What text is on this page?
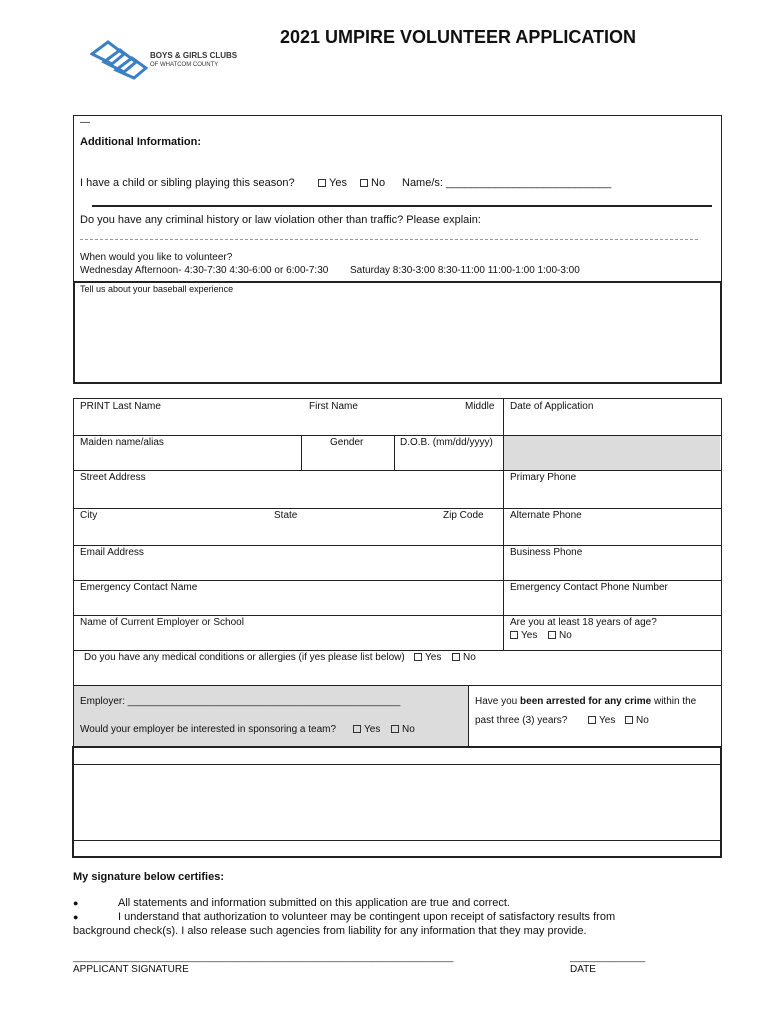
BOYS & GIRLS CLUBS
OF WHATCOM COUNTY
2021 UMPIRE VOLUNTEER APPLICATION
—
Additional Information:
I have a child or sibling playing this season?	Yes	No Name/s: ___________________________
Do you have any criminal history or law violation other than traffic? Please explain:
When would you like to volunteer?
Wednesday Afternoon- 4:30-7:30 4:30-6:00 or 6:00-7:30 Saturday 8:30-3:00 8:30-11:00 11:00-1:00 1:00-3:00
Tell us about your baseball experience
PRINT Last Name	First Name	Middle Date of Application
Maiden name/alias	Gender	D.O.B. (mm/dd/yyyy)
Street Address	Primary Phone
City	State	Zip Code	Alternate Phone
Email Address	Business Phone
Emergency Contact Name	Emergency Contact Phone Number
Name of Current Employer or School	Are you at least 18 years of age?
Yes	No
Do you have any medical conditions or allergies (if yes please list below)	Yes	No
Employer: _________________________________________________
Would your employer be interested in sponsoring a team?	Yes	No
Have you been arrested for any crime within the
past three (3) years?	Yes	No
My signature below certifies:
●	All statements and information submitted on this application are true and correct.
●	I understand that authorization to volunteer may be contingent upon receipt of satisfactory results from
background check(s). I also release such agencies from liability for any information that they may provide.
____________________________________________________________________________
APPLICANT SIGNATURE
_______________
DATE
